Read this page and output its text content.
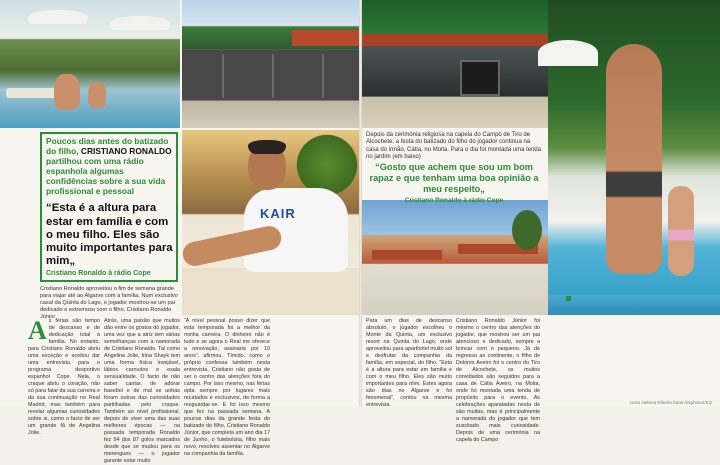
KAIR
Poucos dias antes do batizado do filho, CRISTIANO RONALDO partilhou com uma rádio espanhola algumas confidências sobre a sua vida profissional e pessoal
“Esta é a altura para estar em família e com o meu filho. Eles são muito importantes para mim„
Cristiano Ronaldo à rádio Cope
Cristiano Ronaldo aproveitou o fim de semana grande para viajar até ao Algarve com a família. Num exclusivo casal da Quinta do Lago, o jogador mostrou-se um pai dedicado e extremoso com o filho, Cristiano Ronaldo Júnior
Depois da cerimónia religiosa na capela do Campo de Tiro de Alcochete, a festa do batizado do filho do jogador continua na casa do irmão, Cátia, no Moita. Para o dia foi montada uma tenda no jardim (em baixo)
“Gosto que achem que sou um bom rapaz e que tenham uma boa opinião a meu respeito„
Cristiano Ronaldo à rádio Cope
As férias são tempo de descanso e de dedicação total à família. No entanto, para Cristiano Ronaldo abriu uma exceção e aceitou dar uma entrevista para o programa desportivo espanhol Cope. Nela, o craque abriu o coração, não só para falar da sua carreira e da sua continuação no Real Madrid, mas também para revelar algumas curiosidades sobre si, como o facto de ser um grande fã de Angelina Jolie.
Atrás, uma paixão que muitos dão entre os gostos do jogador, uma vez que a atriz tem várias semelhanças com a namorada de Cristiano Ronaldo. Tal como Angelina Jolie, Irina Shayk tem uma forma física invejável, lábios carnudos e exala sensualidade. O facto de não saber cantar, de adorar basebol e de mal se unhas foram outras das curiosidades partilhadas pelo craque. Também ao nível profissional, depois de viver uma das suas melhores épocas — na passada temporada Ronaldo fez 54 dos 87 golos marcados desde que se mudou para os merengues — o jogador garante estar muito
“A nível pessoal posso dizer que esta temporada foi a melhor da minha carreira. O dinheiro não é tudo e se agora o Real me oferece a renovação, assinaria por 10 anos”, afirmou. Tímido, como o próprio confessa também nesta entrevista, Cristiano não gosta de ser o centro das atenções fora do campo. Por isso mesmo, nas férias opta sempre por lugares mais recatados e exclusivos, de forma a resguardar-se. E foi isso mesmo que fez na passada semana. A poucos dias da grande festa do batizado do filho, Cristiano Ronaldo Júnior, que completa um ano dia 17 de Junho, o futebolista, filho mais novo, resolveu assentar no Algarve na companhia da família.
Para um dias de descanso absoluto, o jogador escolheu o Monte da Quinta, um exclusivo resort na Quinta do Lago, onde aproveitou para aparthotel muito sol e desfrutar da companhia da família, em especial, do filho. “Esta é a altura para estar em família e com o meu filho. Eles são muito importantes para mim. Estes agora são dias no Algarve e foi fenomenal”, contou na mesma entrevista.
Cristiano Ronaldo Júnior foi mesmo o centro das atenções do jogador, que mostrou ser um pai atencioso e dedicado, sempre a brincar com o pequeno. Já de regresso ao continente, o filho de Dolores Aveiro foi o centro do Tiro de Alcochete, os muitos convidados são seguidos para a casa de Cátia Aveiro, na Moita, onde foi montada uma tenda de propósito para o evento. As celebrações aparatadas nesta de são muitas, mas é principalmente a namorada do jogador que tem suscitado mais curiosidade. Depois de uma cerimónia na capela do Campo
texto Helena Ribeiro fotos Aisphotos/Kiz
